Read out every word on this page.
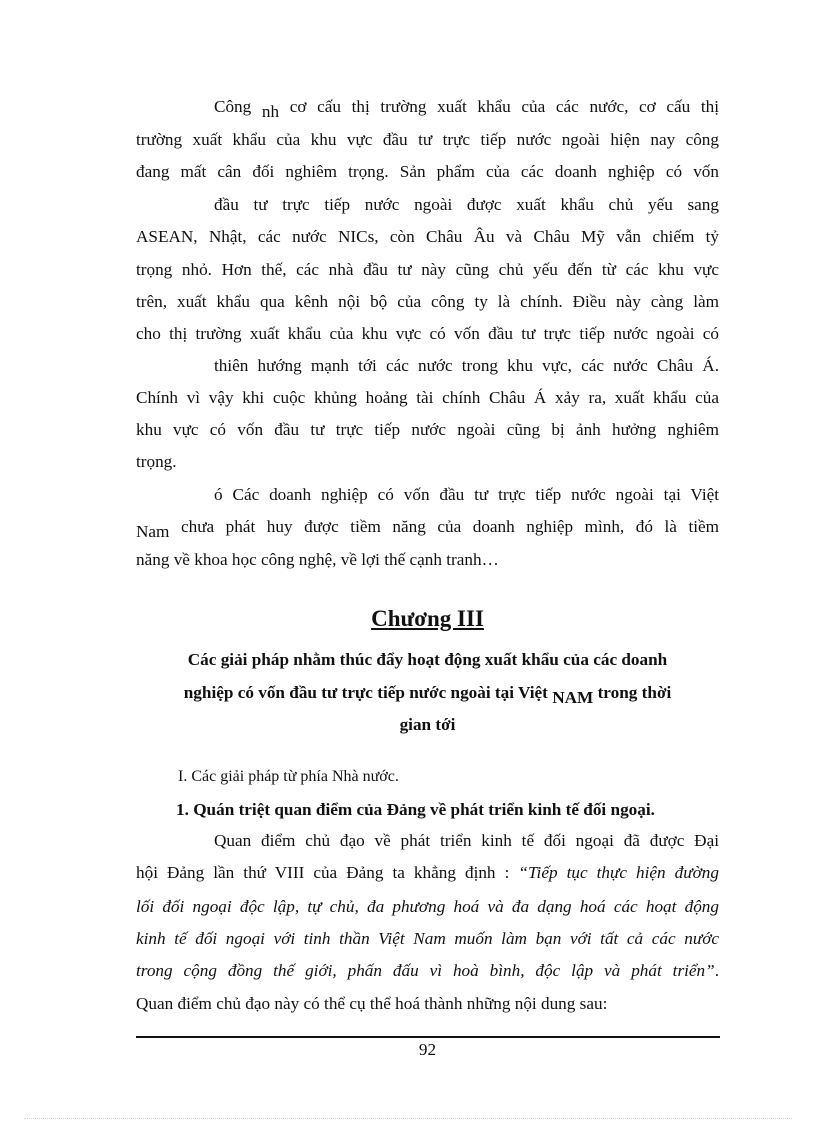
Công nh cơ cấu thị trường xuất khẩu của các nước, cơ cấu thị
trường xuất khẩu của khu vực đầu tư trực tiếp nước ngoài hiện nay công
đang mất cân đối nghiêm trọng. Sản phẩm của các doanh nghiệp có vốn
đầu tư trực tiếp nước ngoài được xuất khẩu chủ yếu sang
ASEAN, Nhật, các nước NICs, còn Châu Âu và Châu Mỹ vẫn chiếm tỷ
trọng nhỏ. Hơn thế, các nhà đầu tư này cũng chủ yếu đến từ các khu vực
trên, xuất khẩu qua kênh nội bộ của công ty là chính. Điều này càng làm
cho thị trường xuất khẩu của khu vực có vốn đầu tư trực tiếp nước ngoài có
thiên hướng mạnh tới các nước trong khu vực, các nước Châu Á.
Chính vì vậy khi cuộc khủng hoảng tài chính Châu Á xảy ra, xuất khẩu của
khu vực có vốn đầu tư trực tiếp nước ngoài cũng bị ảnh hưởng nghiêm
trọng.
ó Các doanh nghiệp có vốn đầu tư trực tiếp nước ngoài tại Việt
Nam chưa phát huy được tiềm năng của doanh nghiệp mình, đó là tiềm
năng về khoa học công nghệ, về lợi thế cạnh tranh…
Chương III
Các giải pháp nhằm thúc đẩy hoạt động xuất khẩu của các doanh
nghiệp có vốn đầu tư trực tiếp nước ngoài tại Việt NAM trong thời
gian tới
I. Các giải pháp từ phía Nhà nước.
1. Quán triệt quan điểm của Đảng về phát triển kinh tế đối ngoại.
Quan điểm chủ đạo về phát triển kinh tế đối ngoại đã được Đại
hội Đảng lần thứ VIII của Đảng ta khẳng định : “Tiếp tục thực hiện đường
lối đối ngoại độc lập, tự chủ, đa phương hoá và đa dạng hoá các hoạt động
kinh tế đối ngoại với tinh thần Việt Nam muốn làm bạn với tất cả các nước
trong cộng đồng thế giới, phấn đấu vì hoà bình, độc lập và phát triển”.
Quan điểm chủ đạo này có thể cụ thể hoá thành những nội dung sau:
92
